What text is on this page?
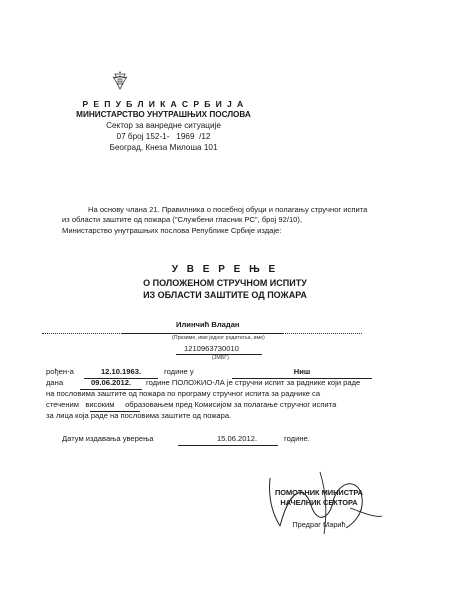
Р Е П У Б Л И К А С Р Б И Ј А
МИНИСТАРСТВО УНУТРАШЊИХ ПОСЛОВА
Сектор за ванредне ситуације
07 број 152-1- 1969 /12
Београд, Кнеза Милоша 101
На основу члана 21. Правилника о посебној обуци и полагању стручног испита
из области заштите од пожара ("Службени гласник РС", број 92/10),
Министарство унутрашњих послова Републике Србије издаје:
У В Е Р Е Њ Е
О ПОЛОЖЕНОМ СТРУЧНОМ ИСПИТУ
ИЗ ОБЛАСТИ ЗАШТИТЕ ОД ПОЖАРА
Илинчић Владан
(Презиме, име једног родитеља, име)
1210963730010
(ЈМБГ)
рођен-а	12.10.1963.	године у	Ниш
дана	09.06.2012.	године ПОЛОЖИО-ЛА је стручни испит за раднике који раде
на пословима заштите од пожара по програму стручног испита за раднике са
стеченим високим образовањем пред Комисијом за полагање стручног испита
за лица која раде на пословима заштите од пожара.
Датум издавања уверења	15.06.2012.	године.
ПОМОЋНИК МИНИСТРА
НАЧЕЛНИК СЕКТОРА
Предраг Марић
